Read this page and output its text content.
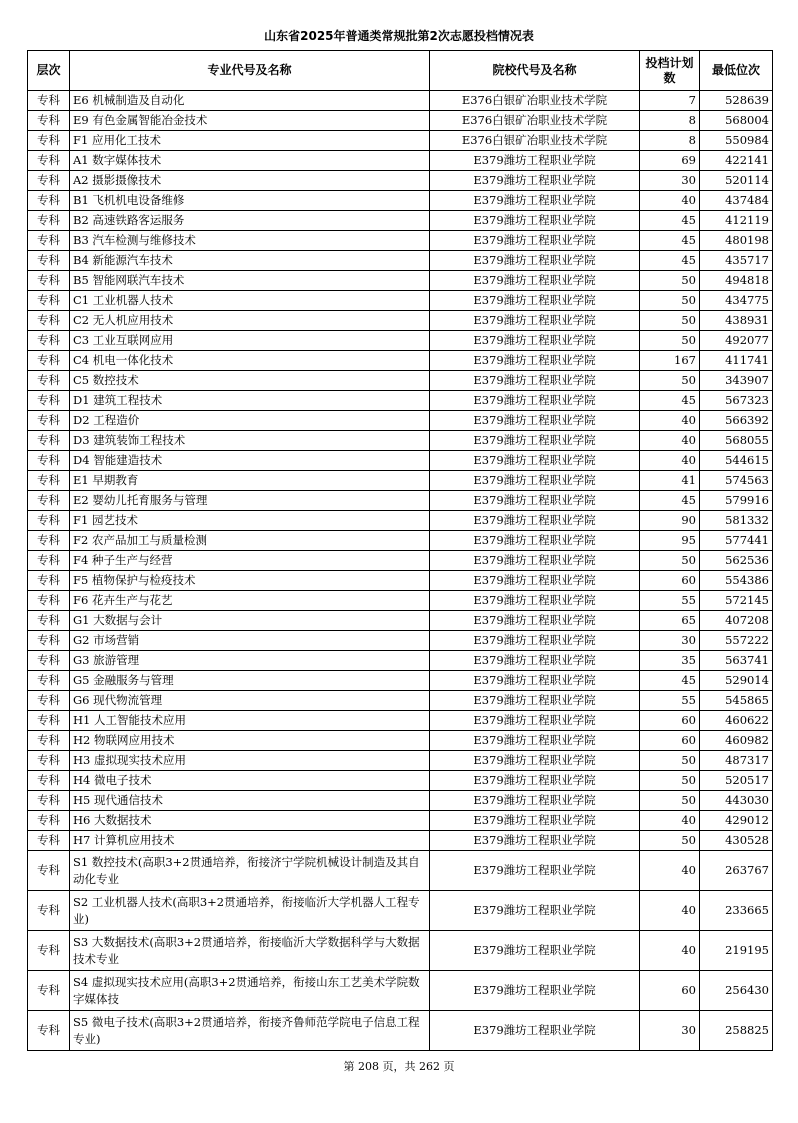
山东省2025年普通类常规批第2次志愿投档情况表
层次	专业代号及名称	院校代号及名称	投档计划数	最低位次
专科	E6 机械制造及自动化	E376白银矿冶职业技术学院	7	528639
专科	E9 有色金属智能冶金技术	E376白银矿冶职业技术学院	8	568004
专科	F1 应用化工技术	E376白银矿冶职业技术学院	8	550984
专科	A1 数字媒体技术	E379潍坊工程职业学院	69	422141
专科	A2 摄影摄像技术	E379潍坊工程职业学院	30	520114
专科	B1 飞机机电设备维修	E379潍坊工程职业学院	40	437484
专科	B2 高速铁路客运服务	E379潍坊工程职业学院	45	412119
专科	B3 汽车检测与维修技术	E379潍坊工程职业学院	45	480198
专科	B4 新能源汽车技术	E379潍坊工程职业学院	45	435717
专科	B5 智能网联汽车技术	E379潍坊工程职业学院	50	494818
专科	C1 工业机器人技术	E379潍坊工程职业学院	50	434775
专科	C2 无人机应用技术	E379潍坊工程职业学院	50	438931
专科	C3 工业互联网应用	E379潍坊工程职业学院	50	492077
专科	C4 机电一体化技术	E379潍坊工程职业学院	167	411741
专科	C5 数控技术	E379潍坊工程职业学院	50	343907
专科	D1 建筑工程技术	E379潍坊工程职业学院	45	567323
专科	D2 工程造价	E379潍坊工程职业学院	40	566392
专科	D3 建筑装饰工程技术	E379潍坊工程职业学院	40	568055
专科	D4 智能建造技术	E379潍坊工程职业学院	40	544615
专科	E1 早期教育	E379潍坊工程职业学院	41	574563
专科	E2 婴幼儿托育服务与管理	E379潍坊工程职业学院	45	579916
专科	F1 园艺技术	E379潍坊工程职业学院	90	581332
专科	F2 农产品加工与质量检测	E379潍坊工程职业学院	95	577441
专科	F4 种子生产与经营	E379潍坊工程职业学院	50	562536
专科	F5 植物保护与检疫技术	E379潍坊工程职业学院	60	554386
专科	F6 花卉生产与花艺	E379潍坊工程职业学院	55	572145
专科	G1 大数据与会计	E379潍坊工程职业学院	65	407208
专科	G2 市场营销	E379潍坊工程职业学院	30	557222
专科	G3 旅游管理	E379潍坊工程职业学院	35	563741
专科	G5 金融服务与管理	E379潍坊工程职业学院	45	529014
专科	G6 现代物流管理	E379潍坊工程职业学院	55	545865
专科	H1 人工智能技术应用	E379潍坊工程职业学院	60	460622
专科	H2 物联网应用技术	E379潍坊工程职业学院	60	460982
专科	H3 虚拟现实技术应用	E379潍坊工程职业学院	50	487317
专科	H4 微电子技术	E379潍坊工程职业学院	50	520517
专科	H5 现代通信技术	E379潍坊工程职业学院	50	443030
专科	H6 大数据技术	E379潍坊工程职业学院	40	429012
专科	H7 计算机应用技术	E379潍坊工程职业学院	50	430528
专科	S1 数控技术(高职3+2贯通培养，衔接济宁学院机械设计制造及其自动化专业	E379潍坊工程职业学院	40	263767
专科	S2 工业机器人技术(高职3+2贯通培养，衔接临沂大学机器人工程专业)	E379潍坊工程职业学院	40	233665
专科	S3 大数据技术(高职3+2贯通培养，衔接临沂大学数据科学与大数据技术专业	E379潍坊工程职业学院	40	219195
专科	S4 虚拟现实技术应用(高职3+2贯通培养，衔接山东工艺美术学院数字媒体技	E379潍坊工程职业学院	60	256430
专科	S5 微电子技术(高职3+2贯通培养，衔接齐鲁师范学院电子信息工程专业)	E379潍坊工程职业学院	30	258825
第 208 页，共 262 页
